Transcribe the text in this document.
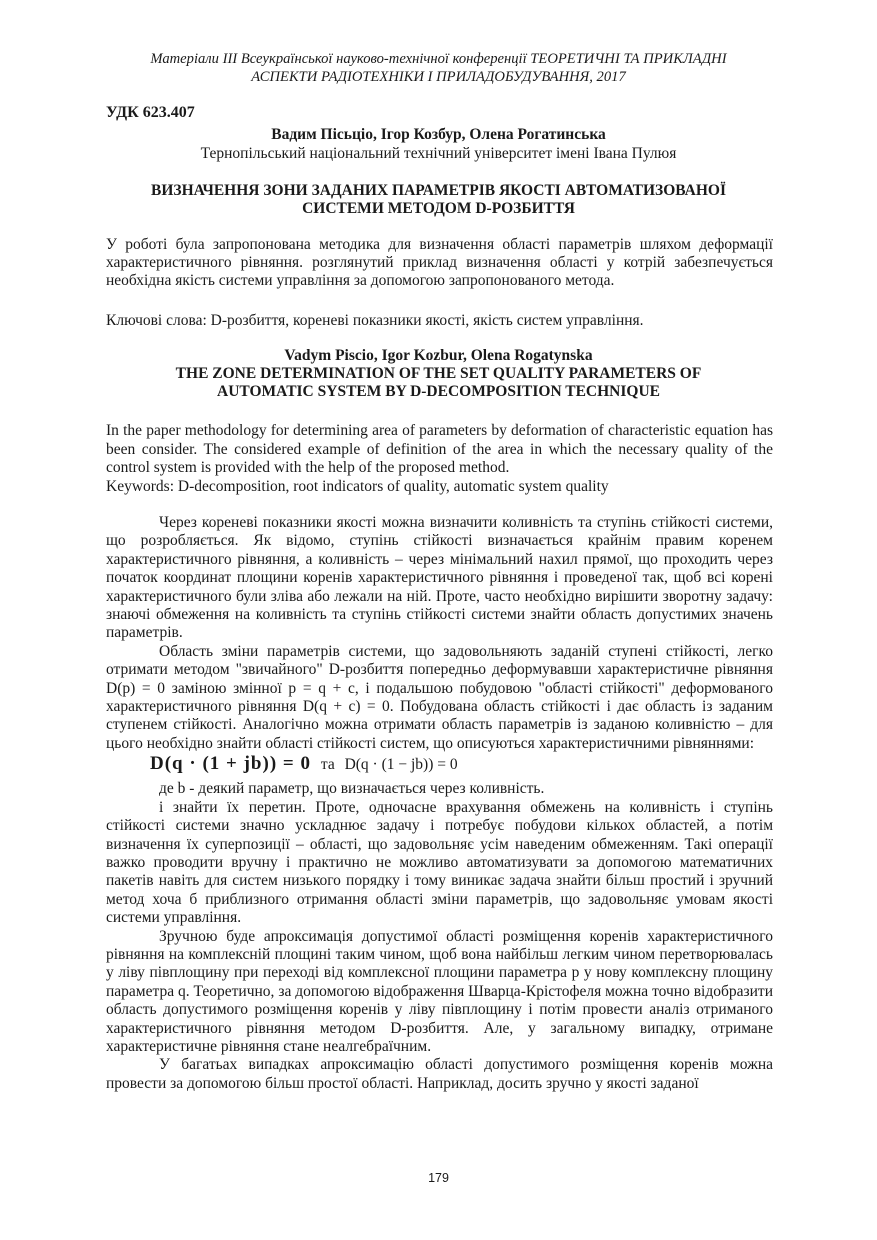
Матеріали ІІІ Всеукраїнської науково-технічної конференції ТЕОРЕТИЧНІ ТА ПРИКЛАДНІ
АСПЕКТИ РАДІОТЕХНІКИ І ПРИЛАДОБУДУВАННЯ, 2017
УДК 623.407
Вадим Пісьціо, Ігор Козбур, Олена Рогатинська
Тернопільський національний технічний університет імені Івана Пулюя
ВИЗНАЧЕННЯ ЗОНИ ЗАДАНИХ ПАРАМЕТРІВ ЯКОСТІ АВТОМАТИЗОВАНОЇ
СИСТЕМИ МЕТОДОМ D-РОЗБИТТЯ
У роботі була запропонована методика для визначення області параметрів шляхом деформації характеристичного рівняння. розглянутий приклад визначення області у котрій забезпечується необхідна якість системи управління за допомогою запропонованого метода.
Ключові слова: D-розбиття, кореневі показники якості, якість систем управління.
Vadym Piscio, Igor Kozbur, Olena Rogatynska
THE ZONE DETERMINATION OF THE SET QUALITY PARAMETERS OF
AUTOMATIC SYSTEM BY D-DECOMPOSITION TECHNIQUE
In the paper methodology for determining area of parameters by deformation of characteristic equation has been consider. The considered example of definition of the area in which the necessary quality of the control system is provided with the help of the proposed method.
Keywords: D-decomposition, root indicators of quality, automatic system quality

Через кореневі показники якості можна визначити коливність та ступінь стійкості системи, що розробляється. Як відомо, ступінь стійкості визначається крайнім правим коренем характеристичного рівняння, а коливність – через мінімальний нахил прямої, що проходить через початок координат площини коренів характеристичного рівняння і проведеної так, щоб всі корені характеристичного були зліва або лежали на ній. Проте, часто необхідно вирішити зворотну задачу: знаючі обмеження на коливність та ступінь стійкості системи знайти область допустимих значень параметрів.

Область зміни параметрів системи, що задовольняють заданій ступені стійкості, легко отримати методом "звичайного" D-розбиття попередньо деформувавши характеристичне рівняння D(p) = 0 заміною змінної p = q + c, і подальшою побудовою "області стійкості" деформованого характеристичного рівняння D(q + c) = 0. Побудована область стійкості і дає область із заданим ступенем стійкості. Аналогічно можна отримати область параметрів із заданою коливністю – для цього необхідно знайти області стійкості систем, що описуються характеристичними рівняннями:

D(q · (1 + jb)) = 0 та D(q · (1 − jb)) = 0

де b - деякий параметр, що визначається через коливність.

і знайти їх перетин. Проте, одночасне врахування обмежень на коливність і ступінь стійкості системи значно ускладнює задачу і потребує побудови кількох областей, а потім визначення їх суперпозиції – області, що задовольняє усім наведеним обмеженням. Такі операції важко проводити вручну і практично не можливо автоматизувати за допомогою математичних пакетів навіть для систем низького порядку і тому виникає задача знайти більш простий і зручний метод хоча б приблизного отримання області зміни параметрів, що задовольняє умовам якості системи управління.

Зручною буде апроксимація допустимої області розміщення коренів характеристичного рівняння на комплексній площині таким чином, щоб вона найбільш легким чином перетворювалась у ліву півплощину при переході від комплексної площини параметра p у нову комплексну площину параметра q. Теоретично, за допомогою відображення Шварца-Крістофеля можна точно відобразити область допустимого розміщення коренів у ліву півплощину і потім провести аналіз отриманого характеристичного рівняння методом D-розбиття. Але, у загальному випадку, отримане характеристичне рівняння стане неалгебраїчним.

У багатьах випадках апроксимацію області допустимого розміщення коренів можна провести за допомогою більш простої області. Наприклад, досить зручно у якості заданої

179
